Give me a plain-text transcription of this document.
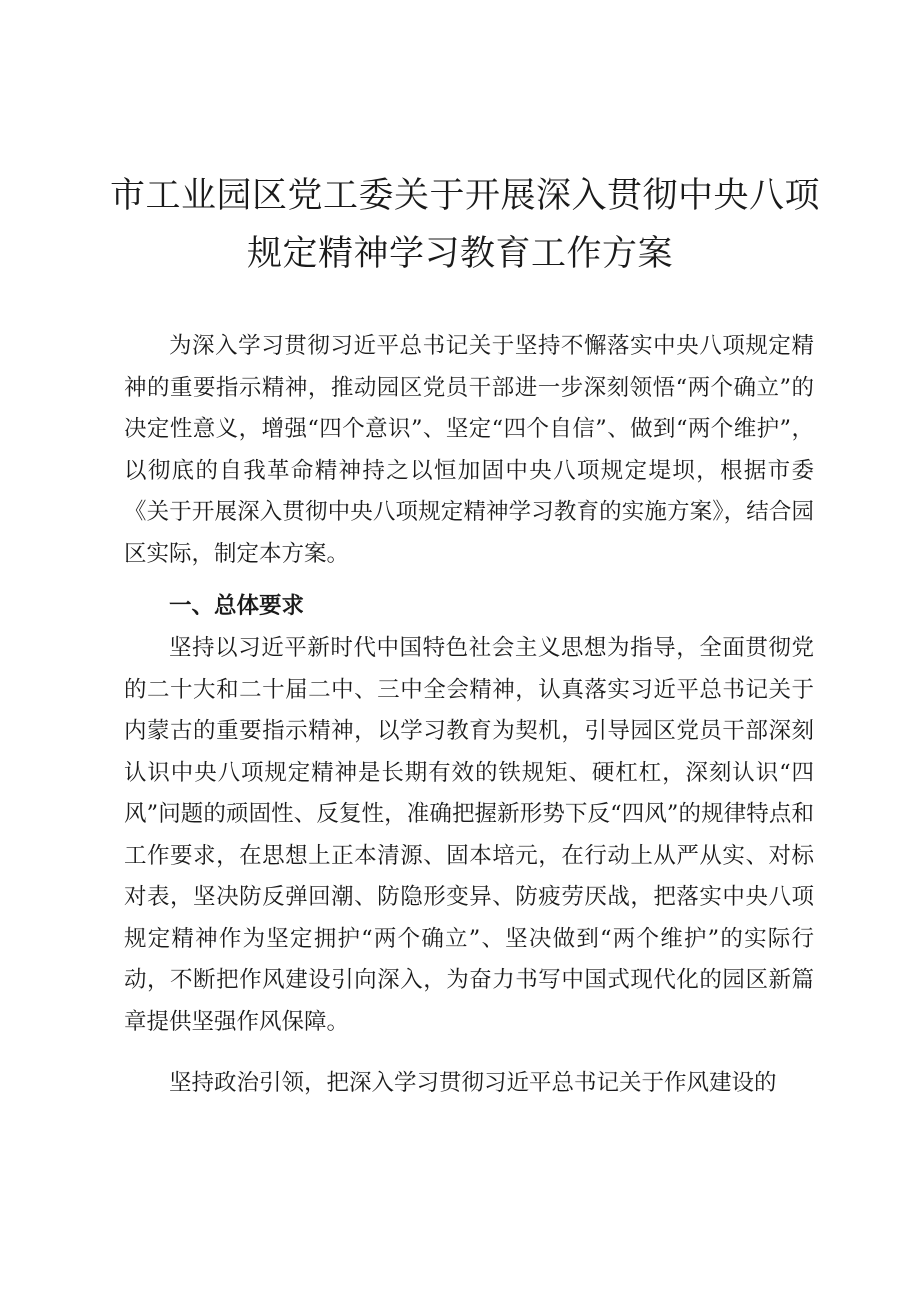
市工业园区党工委关于开展深入贯彻中央八项
规定精神学习教育工作方案

为深入学习贯彻习近平总书记关于坚持不懈落实中央八项规定精神的重要指示精神，推动园区党员干部进一步深刻领悟“两个确立”的决定性意义，增强“四个意识”、坚定“四个自信”、做到“两个维护”，以彻底的自我革命精神持之以恒加固中央八项规定堤坝，根据市委《关于开展深入贯彻中央八项规定精神学习教育的实施方案》，结合园区实际，制定本方案。

一、总体要求

坚持以习近平新时代中国特色社会主义思想为指导，全面贯彻党的二十大和二十届二中、三中全会精神，认真落实习近平总书记关于内蒙古的重要指示精神，以学习教育为契机，引导园区党员干部深刻认识中央八项规定精神是长期有效的铁规矩、硬杠杠，深刻认识“四风”问题的顽固性、反复性，准确把握新形势下反“四风”的规律特点和工作要求，在思想上正本清源、固本培元，在行动上从严从实、对标对表，坚决防反弹回潮、防隐形变异、防疲劳厌战，把落实中央八项规定精神作为坚定拥护“两个确立”、坚决做到“两个维护”的实际行动，不断把作风建设引向深入，为奋力书写中国式现代化的园区新篇章提供坚强作风保障。

坚持政治引领，把深入学习贯彻习近平总书记关于作风建设的
